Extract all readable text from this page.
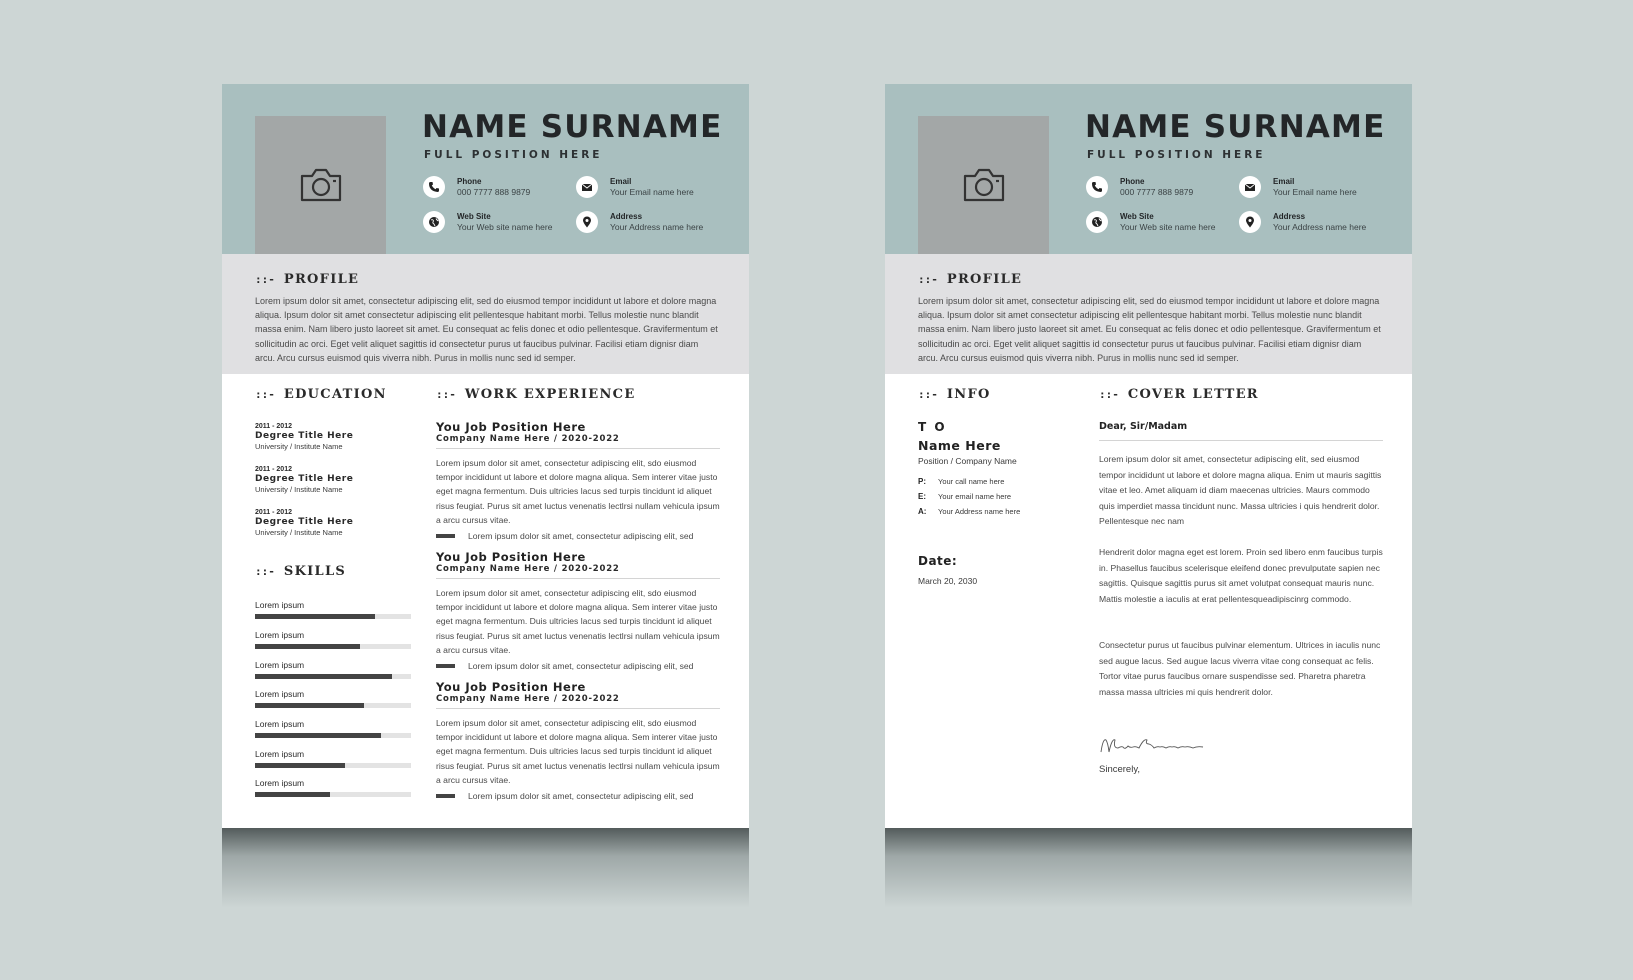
NAME SURNAME
FULL POSITION HERE
Phone
000 7777 888 9879
Email
Your Email name here
Web Site
Your Web site name here
Address
Your Address name here
::- PROFILE
Lorem ipsum dolor sit amet, consectetur adipiscing elit, sed do eiusmod tempor incididunt ut labore et dolore magna aliqua. Ipsum dolor sit amet consectetur adipiscing elit pellentesque habitant morbi. Tellus molestie nunc blandit massa enim. Nam libero justo laoreet sit amet. Eu consequat ac felis donec et odio pellentesque. Gravifermentum et sollicitudin ac orci. Eget velit aliquet sagittis id consectetur purus ut faucibus pulvinar. Facilisi etiam dignisr diam arcu. Arcu cursus euismod quis viverra nibh. Purus in mollis nunc sed id semper.
::- EDUCATION
2011 - 2012
Degree Title Here
University / Institute Name
2011 - 2012
Degree Title Here
University / Institute Name
2011 - 2012
Degree Title Here
University / Institute Name
::- SKILLS
Lorem ipsum
Lorem ipsum
Lorem ipsum
Lorem ipsum
Lorem ipsum
Lorem ipsum
Lorem ipsum
::- WORK EXPERIENCE
You Job Position Here
Company Name Here / 2020-2022
Lorem ipsum dolor sit amet, consectetur adipiscing elit, sdo eiusmod tempor incididunt ut labore et dolore magna aliqua. Sem interer vitae justo eget magna fermentum. Duis ultricies lacus sed turpis tincidunt id aliquet risus feugiat. Purus sit amet luctus venenatis lectlrsi nullam vehicula ipsum a arcu cursus vitae.
Lorem ipsum dolor sit amet, consectetur adipiscing elit, sed
You Job Position Here
Company Name Here / 2020-2022
Lorem ipsum dolor sit amet, consectetur adipiscing elit, sdo eiusmod tempor incididunt ut labore et dolore magna aliqua. Sem interer vitae justo eget magna fermentum. Duis ultricies lacus sed turpis tincidunt id aliquet risus feugiat. Purus sit amet luctus venenatis lectlrsi nullam vehicula ipsum a arcu cursus vitae.
Lorem ipsum dolor sit amet, consectetur adipiscing elit, sed
You Job Position Here
Company Name Here / 2020-2022
Lorem ipsum dolor sit amet, consectetur adipiscing elit, sdo eiusmod tempor incididunt ut labore et dolore magna aliqua. Sem interer vitae justo eget magna fermentum. Duis ultricies lacus sed turpis tincidunt id aliquet risus feugiat. Purus sit amet luctus venenatis lectlrsi nullam vehicula ipsum a arcu cursus vitae.
Lorem ipsum dolor sit amet, consectetur adipiscing elit, sed
NAME SURNAME
FULL POSITION HERE
Phone
000 7777 888 9879
Email
Your Email name here
Web Site
Your Web site name here
Address
Your Address name here
::- PROFILE
Lorem ipsum dolor sit amet, consectetur adipiscing elit, sed do eiusmod tempor incididunt ut labore et dolore magna aliqua. Ipsum dolor sit amet consectetur adipiscing elit pellentesque habitant morbi. Tellus molestie nunc blandit massa enim. Nam libero justo laoreet sit amet. Eu consequat ac felis donec et odio pellentesque. Gravifermentum et sollicitudin ac orci. Eget velit aliquet sagittis id consectetur purus ut faucibus pulvinar. Facilisi etiam dignisr diam arcu. Arcu cursus euismod quis viverra nibh. Purus in mollis nunc sed id semper.
::- INFO
T O
Name Here
Position / Company Name
P: Your call name here
E: Your email name here
A: Your Address name here
Date:
March 20, 2030
::- COVER LETTER
Dear, Sir/Madam
Lorem ipsum dolor sit amet, consectetur adipiscing elit, sed eiusmod tempor incididunt ut labore et dolore magna aliqua. Enim ut mauris sagittis vitae et leo. Amet aliquam id diam maecenas ultricies. Maurs commodo quis imperdiet massa tincidunt nunc. Massa ultricies i quis hendrerit dolor. Pellentesque nec nam
Hendrerit dolor magna eget est lorem. Proin sed libero enm faucibus turpis in. Phasellus faucibus scelerisque eleifend donec prevulputate sapien nec sagittis. Quisque sagittis purus sit amet volutpat consequat mauris nunc. Mattis molestie a iaculis at erat pellentesqueadipiscinrg commodo.
Consectetur purus ut faucibus pulvinar elementum. Ultrices in iaculis nunc sed augue lacus. Sed augue lacus viverra vitae cong consequat ac felis. Tortor vitae purus faucibus ornare suspendisse sed. Pharetra pharetra massa massa ultricies mi quis hendrerit dolor.
Sincerely,
